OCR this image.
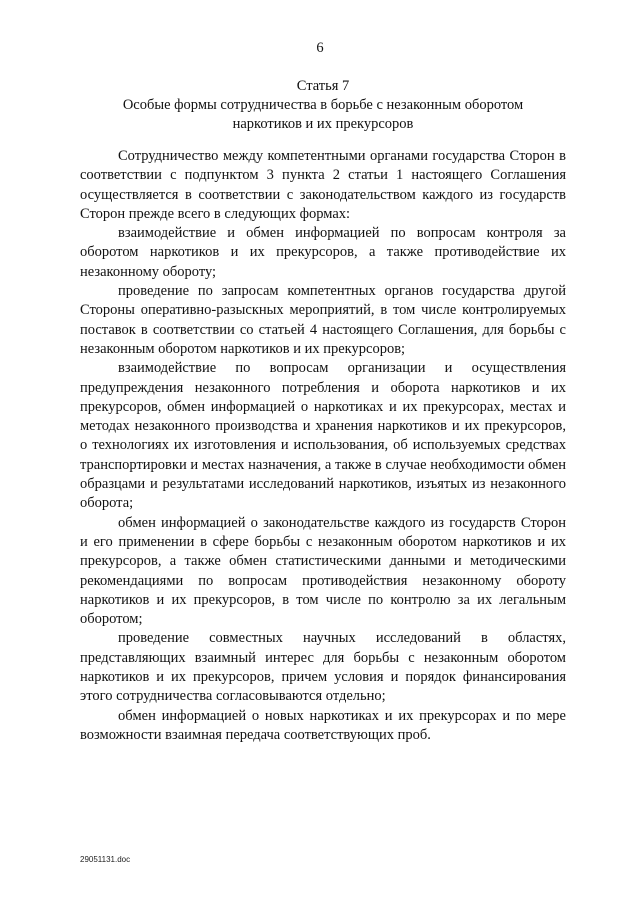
6
Статья 7
Особые формы сотрудничества в борьбе с незаконным оборотом
наркотиков и их прекурсоров

Сотрудничество между компетентными органами государства Сторон в соответствии с подпунктом 3 пункта 2 статьи 1 настоящего Соглашения осуществляется в соответствии с законодательством каждого из государств Сторон прежде всего в следующих формах:

взаимодействие и обмен информацией по вопросам контроля за оборотом наркотиков и их прекурсоров, а также противодействие их незаконному обороту;

проведение по запросам компетентных органов государства другой Стороны оперативно-разыскных мероприятий, в том числе контролируемых поставок в соответствии со статьей 4 настоящего Соглашения, для борьбы с незаконным оборотом наркотиков и их прекурсоров;

взаимодействие по вопросам организации и осуществления предупреждения незаконного потребления и оборота наркотиков и их прекурсоров, обмен информацией о наркотиках и их прекурсорах, местах и методах незаконного производства и хранения наркотиков и их прекурсоров, о технологиях их изготовления и использования, об используемых средствах транспортировки и местах назначения, а также в случае необходимости обмен образцами и результатами исследований наркотиков, изъятых из незаконного оборота;

обмен информацией о законодательстве каждого из государств Сторон и его применении в сфере борьбы с незаконным оборотом наркотиков и их прекурсоров, а также обмен статистическими данными и методическими рекомендациями по вопросам противодействия незаконному обороту наркотиков и их прекурсоров, в том числе по контролю за их легальным оборотом;

проведение совместных научных исследований в областях, представляющих взаимный интерес для борьбы с незаконным оборотом наркотиков и их прекурсоров, причем условия и порядок финансирования этого сотрудничества согласовываются отдельно;

обмен информацией о новых наркотиках и их прекурсорах и по мере возможности взаимная передача соответствующих проб.

29051131.doc
